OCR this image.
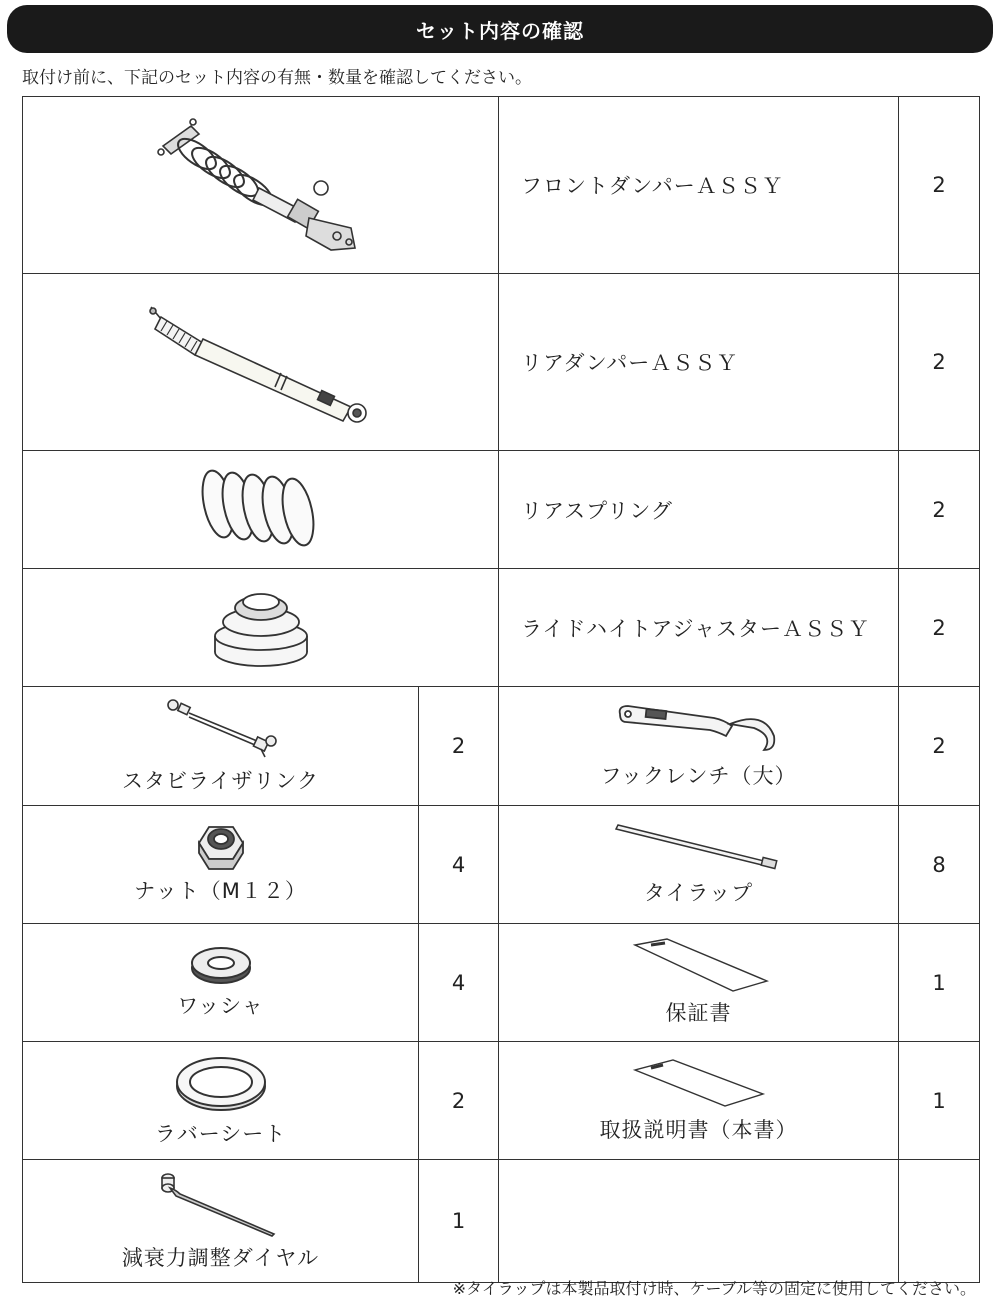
セット内容の確認
取付け前に、下記のセット内容の有無・数量を確認してください。
	フロントダンパーＡＳＳＹ	2
	リアダンパーＡＳＳＹ	2
	リアスプリング	2
	ライドハイトアジャスターＡＳＳＹ	2

スタビライザリンク	2	フックレンチ（大）	2

ナット（M１２）	4	タイラップ	8

ワッシャ	4	保証書	1

ラバーシート	2	取扱説明書（本書）	1

減衰力調整ダイヤル	1		
※タイラップは本製品取付け時、ケーブル等の固定に使用してください。
